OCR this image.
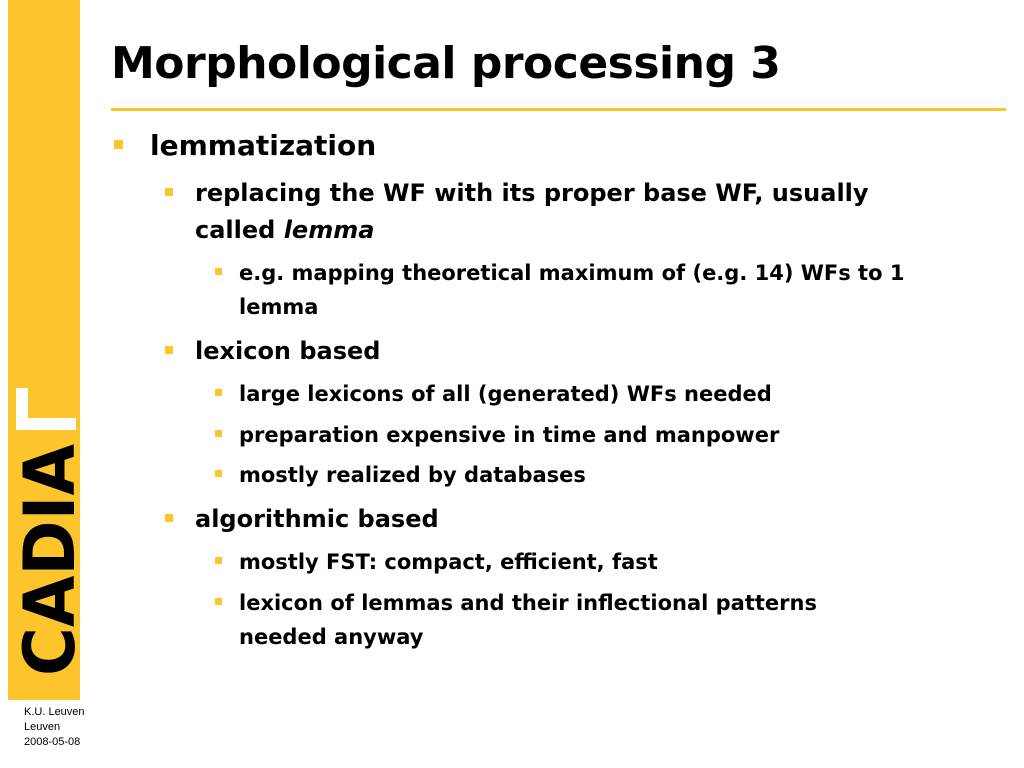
CADIA
K.U. Leuven
Leuven
2008-05-08
Morphological processing 3
lemmatization
replacing the WF with its proper base WF, usually
called lemma
e.g. mapping theoretical maximum of (e.g. 14) WFs to 1
lemma
lexicon based
large lexicons of all (generated) WFs needed
preparation expensive in time and manpower
mostly realized by databases
algorithmic based
mostly FST: compact, efficient, fast
lexicon of lemmas and their inflectional patterns
needed anyway
